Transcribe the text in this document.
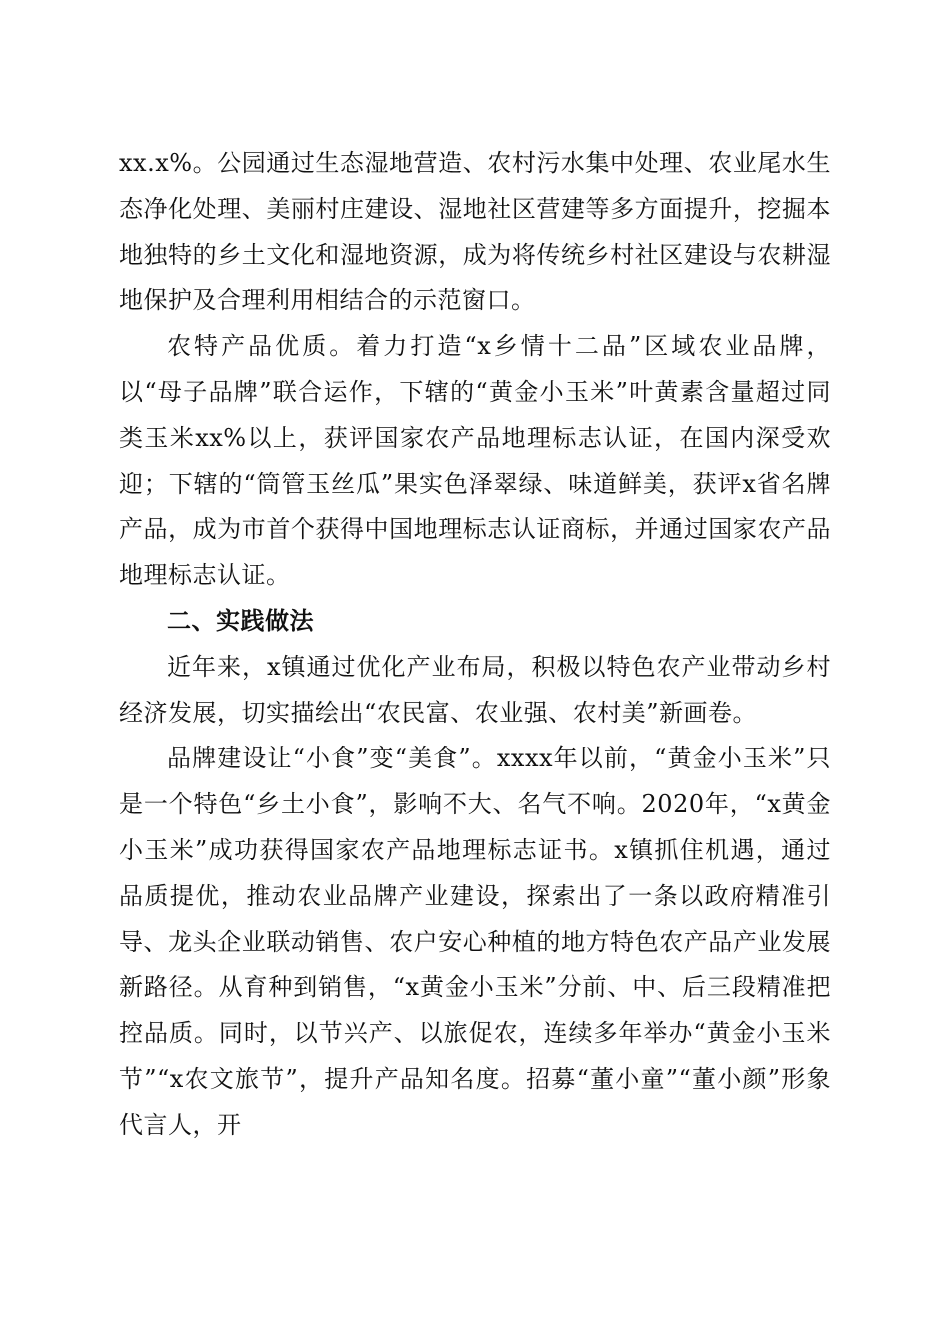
xx.x%。公园通过生态湿地营造、农村污水集中处理、农业尾水生态净化处理、美丽村庄建设、湿地社区营建等多方面提升，挖掘本地独特的乡土文化和湿地资源，成为将传统乡村社区建设与农耕湿地保护及合理利用相结合的示范窗口。

农特产品优质。着力打造“x乡情十二品”区域农业品牌，以“母子品牌”联合运作，下辖的“黄金小玉米”叶黄素含量超过同类玉米xx%以上，获评国家农产品地理标志认证，在国内深受欢迎；下辖的“筒管玉丝瓜”果实色泽翠绿、味道鲜美，获评x省名牌产品，成为市首个获得中国地理标志认证商标，并通过国家农产品地理标志认证。

二、实践做法

近年来，x镇通过优化产业布局，积极以特色农产业带动乡村经济发展，切实描绘出“农民富、农业强、农村美”新画卷。

品牌建设让“小食”变“美食”。xxxx年以前，“黄金小玉米”只是一个特色“乡土小食”，影响不大、名气不响。2020年，“x黄金小玉米”成功获得国家农产品地理标志证书。x镇抓住机遇，通过品质提优，推动农业品牌产业建设，探索出了一条以政府精准引导、龙头企业联动销售、农户安心种植的地方特色农产品产业发展新路径。从育种到销售，“x黄金小玉米”分前、中、后三段精准把控品质。同时，以节兴产、以旅促农，连续多年举办“黄金小玉米节”“x农文旅节”，提升产品知名度。招募“董小童”“董小颜”形象代言人，开
